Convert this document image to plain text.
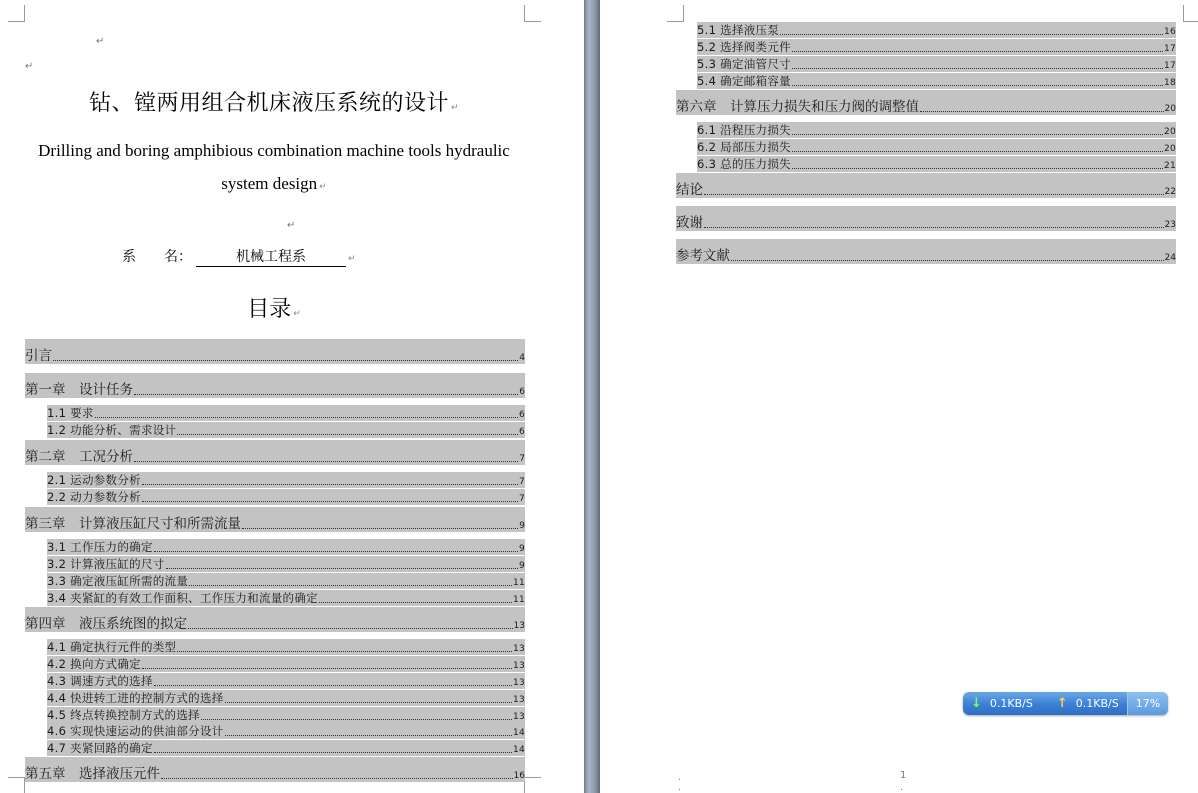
↵
↵
钻、镗两用组合机床液压系统的设计 ↵
Drilling and boring amphibious combination machine tools hydraulic
system design ↵
↵
系　　名：	机械工程系	↵
目录 ↵
引言	4
第一章　设计任务	6
1.1 要求	6
1.2 功能分析、需求设计	6
第二章　工况分析	7
2.1 运动参数分析	7
2.2 动力参数分析	7
第三章　计算液压缸尺寸和所需流量	9
3.1 工作压力的确定	9
3.2 计算液压缸的尺寸	9
3.3 确定液压缸所需的流量	11
3.4 夹紧缸的有效工作面积、工作压力和流量的确定	11
第四章　液压系统图的拟定	13
4.1 确定执行元件的类型	13
4.2 换向方式确定	13
4.3 调速方式的选择	13
4.4 快进转工进的控制方式的选择	13
4.5 终点转换控制方式的选择	13
4.6 实现快速运动的供油部分设计	14
4.7 夹紧回路的确定	14
第五章　选择液压元件	16
5.1 选择液压泵	16
5.2 选择阀类元件	17
5.3 确定油管尺寸	17
5.4 确定邮箱容量	18
第六章　计算压力损失和压力阀的调整值	20
6.1 沿程压力损失	20
6.2 局部压力损失	20
6.3 总的压力损失	21
结论	22
致谢	23
参考文献	24
.	1
.	.
↓ 0.1KB/S ↑ 0.1KB/S	17%
